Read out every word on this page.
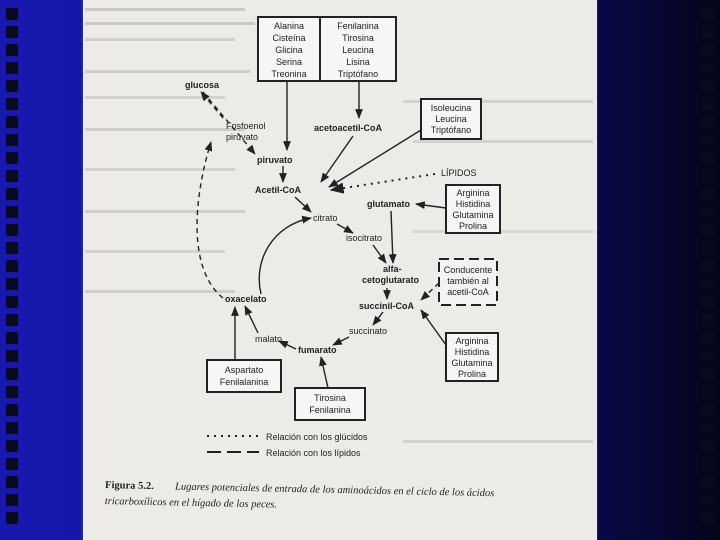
Alanina
Cisteína
Glicina
Serina
Treonina
Fenilanina
Tirosina
Leucina
Lisina
Triptófano
Isoleucina
Leucina
Triptófano
Arginina
Histidina
Glutamina
Prolina
Conducente
también al
acetil-CoA
Arginina
Histidina
Glutamina
Prolina
Aspartato
Fenilalanina
Tirosina
Fenilanina
glucosa
Fosfoenol
piruvato
piruvato
acetoacetil-CoA
LÍPIDOS
Acetil-CoA
citrato
glutamato
isocitrato
alfa-
cetoglutarato
succinil-CoA
oxacelato
succinato
malato
fumarato
Relación con los glúcidos
Relación con los lípidos
Figura 5.2. Lugares potenciales de entrada de los aminoácidos en el ciclo de los ácidos
tricarboxílicos en el hígado de los peces.
